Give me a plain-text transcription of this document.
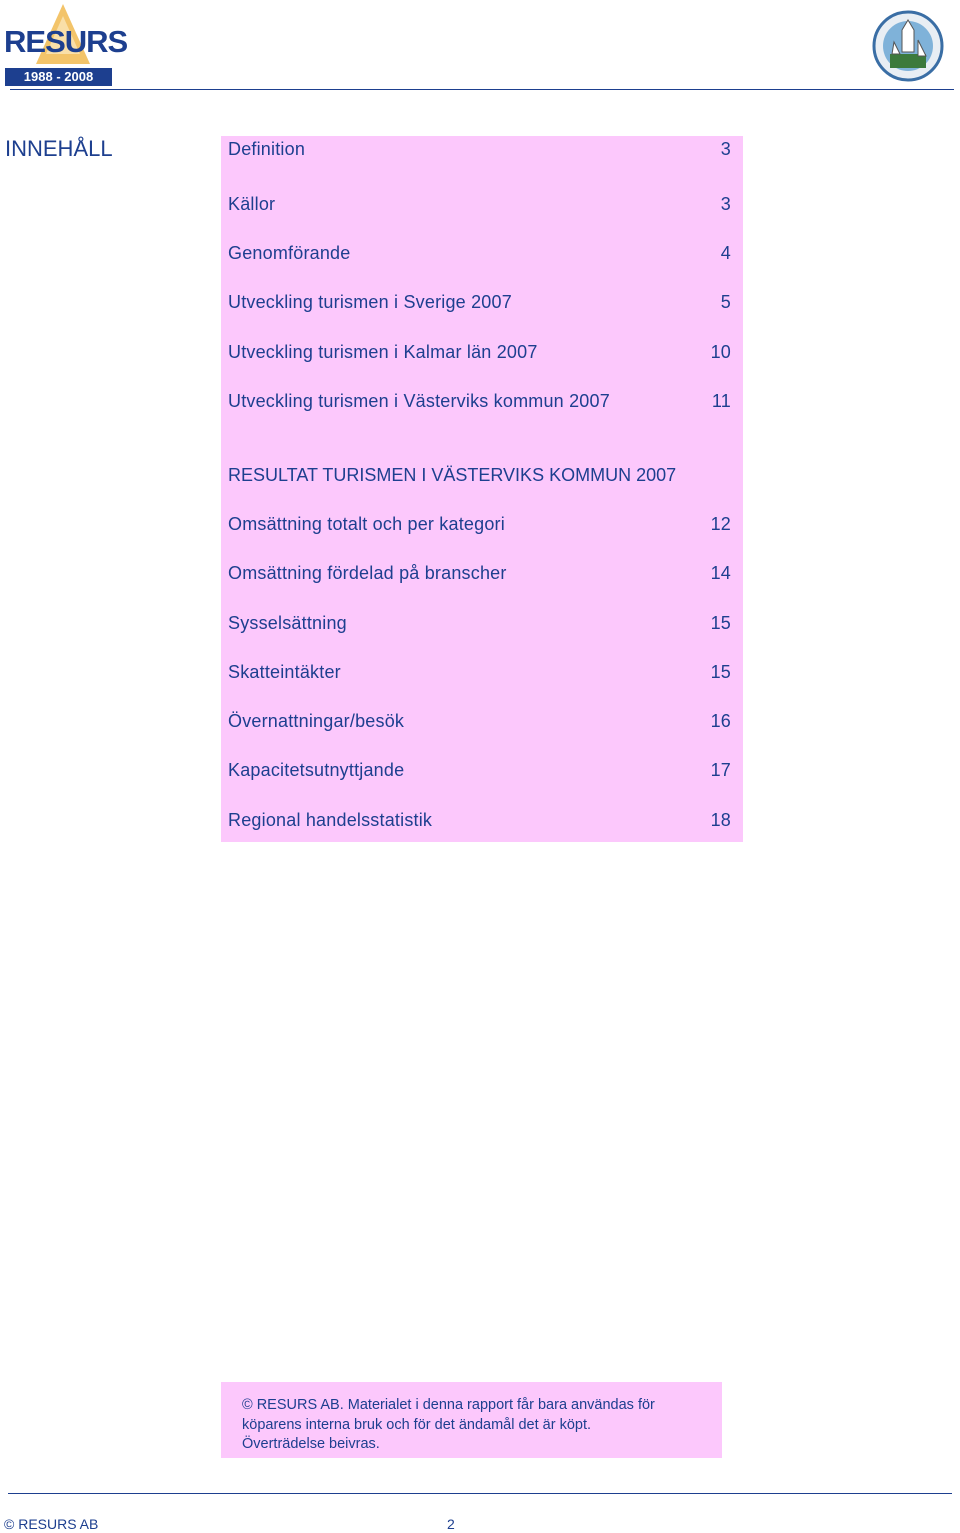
RESURS
1988 - 2008
INNEHÅLL	Definition	3
Källor	3
Genomförande	4
Utveckling turismen i Sverige 2007	5
Utveckling turismen i Kalmar län 2007	10
Utveckling turismen i Västerviks kommun 2007	11
RESULTAT TURISMEN I VÄSTERVIKS KOMMUN 2007
Omsättning totalt och per kategori	12
Omsättning fördelad på branscher	14
Sysselsättning	15
Skatteintäkter	15
Övernattningar/besök	16
Kapacitetsutnyttjande	17
Regional handelsstatistik	18
© RESURS AB. Materialet i denna rapport får bara användas för
köparens interna bruk och för det ändamål det är köpt.
Överträdelse beivras.
© RESURS AB	2
